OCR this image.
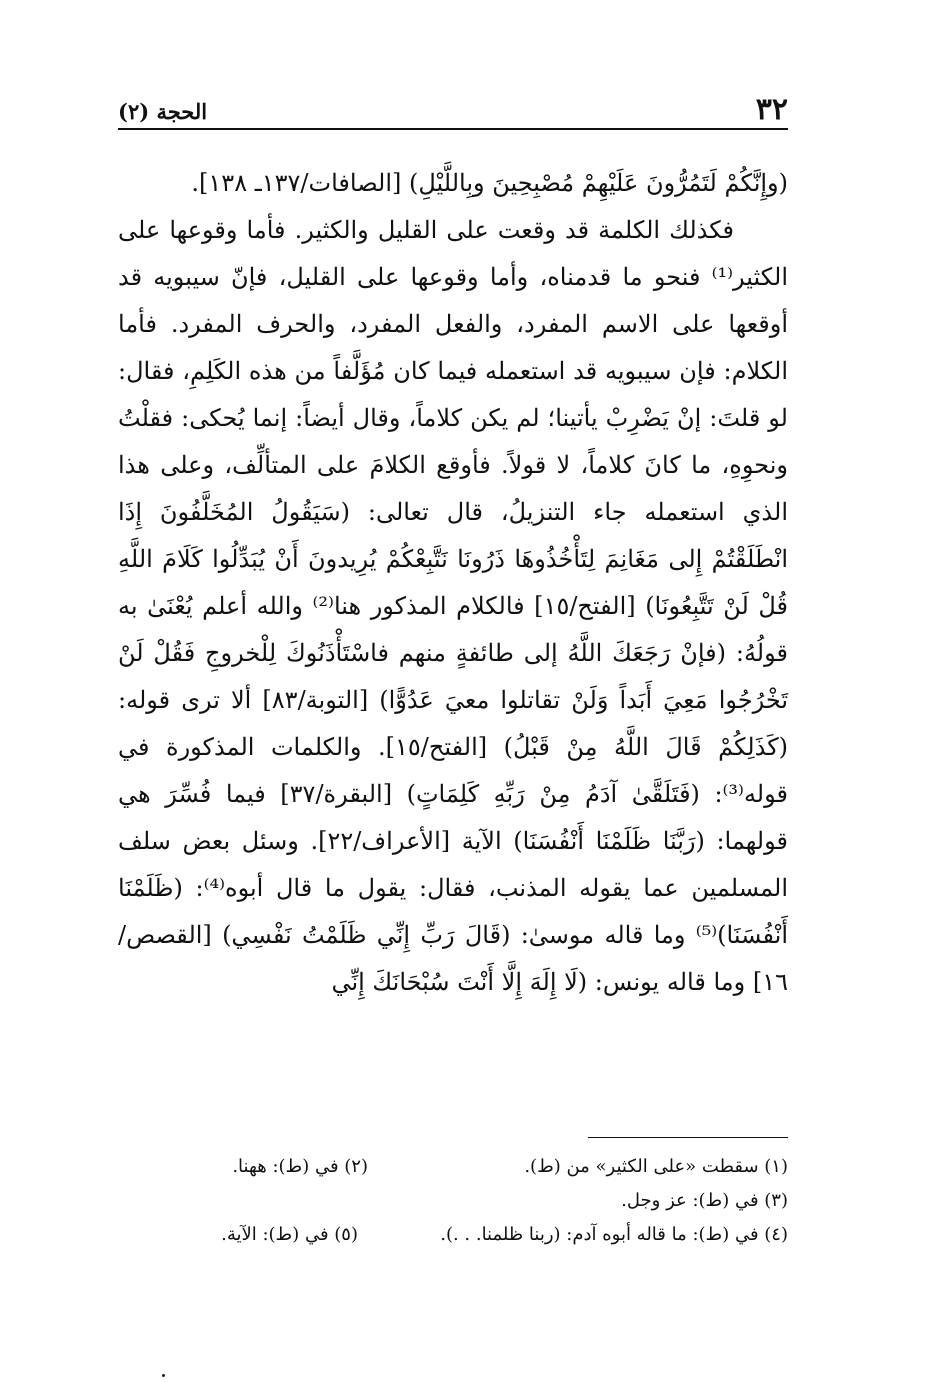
٣٢
الحجة (٢)

(وإِنَّكُمْ لَتَمُرُّونَ عَلَيْهِمْ مُصْبِحِينَ وبِاللَّيْلِ) [الصافات/١٣٧ـ ١٣٨].

فكذلك الكلمة قد وقعت على القليل والكثير. فأما وقوعها على الكثير⁽¹⁾ فنحو ما قدمناه، وأما وقوعها على القليل، فإنّ سيبويه قد أوقعها على الاسم المفرد، والفعل المفرد، والحرف المفرد. فأما الكلام: فإن سيبويه قد استعمله فيما كان مُؤَلَّفاً من هذه الكَلِمِ، فقال: لو قلتَ: إنْ يَضْرِبْ يأتينا؛ لم يكن كلاماً، وقال أيضاً: إنما يُحكى: فقلْتُ ونحوِهِ، ما كانَ كلاماً، لا قولاً. فأوقع الكلامَ على المتألِّف، وعلى هذا الذي استعمله جاء التنزيلُ، قال تعالى: (سَيَقُولُ المُخَلَّفُونَ إِذَا انْطَلَقْتُمْ إِلى مَغَانِمَ لِتَأْخُذُوهَا ذَرُونَا نَتَّبِعْكُمْ يُرِيدونَ أَنْ يُبَدِّلُوا كَلَامَ اللَّهِ قُلْ لَنْ تَتَّبِعُونَا) [الفتح/١٥] فالكلام المذكور هنا⁽²⁾ والله أعلم يُعْنَىٰ به قولُهُ: (فإنْ رَجَعَكَ اللَّهُ إلى طائفةٍ منهم فاسْتَأْذَنُوكَ لِلْخروجِ فَقُلْ لَنْ تَخْرُجُوا مَعِيَ أَبَداً وَلَنْ تقاتلوا معيَ عَدُوًّا) [التوبة/٨٣] ألا ترى قوله: (كَذَلِكُمْ قَالَ اللَّهُ مِنْ قَبْلُ) [الفتح/١٥]. والكلمات المذكورة في قوله⁽³⁾: (فَتَلَقَّىٰ آدَمُ مِنْ رَبِّهِ كَلِمَاتٍ) [البقرة/٣٧] فيما فُسِّرَ هي قولهما: (رَبَّنَا ظَلَمْنَا أَنْفُسَنَا) الآية [الأعراف/٢٢]. وسئل بعض سلف المسلمين عما يقوله المذنب، فقال: يقول ما قال أبوه⁽⁴⁾: (ظَلَمْنَا أَنْفُسَنَا)⁽⁵⁾ وما قاله موسىٰ: (قَالَ رَبِّ إِنِّي ظَلَمْتُ نَفْسِي) [القصص/١٦] وما قاله يونس: (لَا إِلَهَ إِلَّا أَنْتَ سُبْحَانَكَ إِنِّي

(١) سقطت «على الكثير» من (ط).
(٢) في (ط): ههنا.
(٣) في (ط): عز وجل.
(٤) في (ط): ما قاله أبوه آدم: (ربنا ظلمنا. . .).
(٥) في (ط): الآية.
